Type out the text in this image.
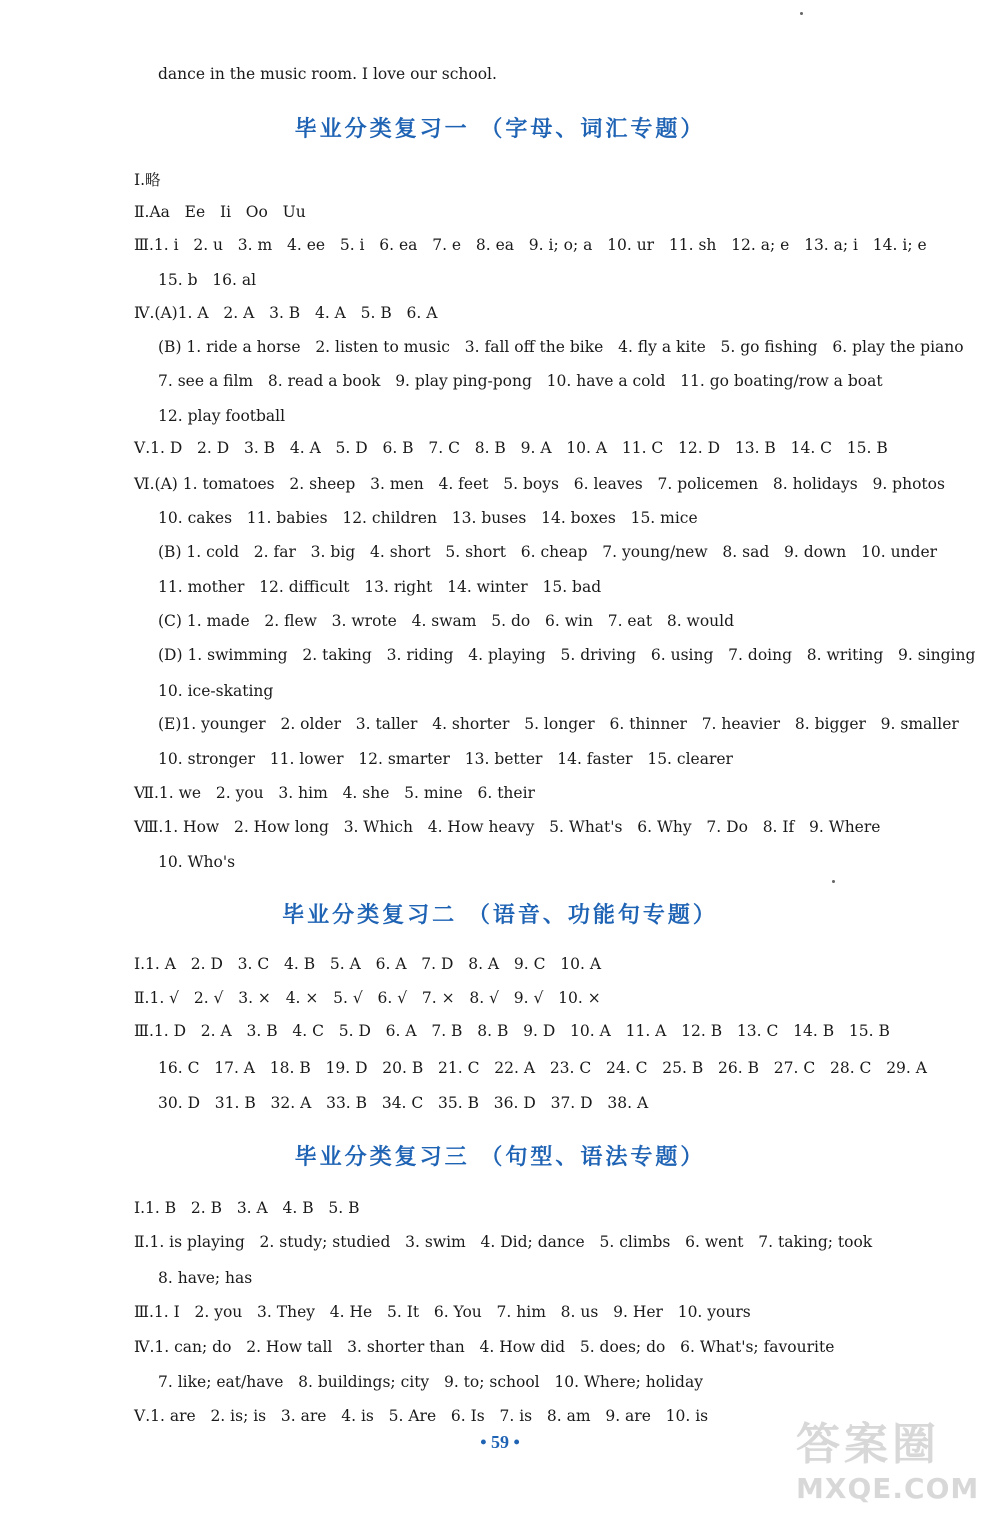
dance in the music room. I love our school.
毕业分类复习一 （字母、词汇专题）
Ⅰ.略
Ⅱ.Aa   Ee   Ii   Oo   Uu
Ⅲ.1. i   2. u   3. m   4. ee   5. i   6. ea   7. e   8. ea   9. i; o; a   10. ur   11. sh   12. a; e   13. a; i   14. i; e
15. b   16. al
Ⅳ.(A)1. A   2. A   3. B   4. A   5. B   6. A
(B) 1. ride a horse   2. listen to music   3. fall off the bike   4. fly a kite   5. go fishing   6. play the piano
7. see a film   8. read a book   9. play ping-pong   10. have a cold   11. go boating/row a boat
12. play football
Ⅴ.1. D   2. D   3. B   4. A   5. D   6. B   7. C   8. B   9. A   10. A   11. C   12. D   13. B   14. C   15. B
Ⅵ.(A) 1. tomatoes   2. sheep   3. men   4. feet   5. boys   6. leaves   7. policemen   8. holidays   9. photos
10. cakes   11. babies   12. children   13. buses   14. boxes   15. mice
(B) 1. cold   2. far   3. big   4. short   5. short   6. cheap   7. young/new   8. sad   9. down   10. under
11. mother   12. difficult   13. right   14. winter   15. bad
(C) 1. made   2. flew   3. wrote   4. swam   5. do   6. win   7. eat   8. would
(D) 1. swimming   2. taking   3. riding   4. playing   5. driving   6. using   7. doing   8. writing   9. singing
10. ice-skating
(E)1. younger   2. older   3. taller   4. shorter   5. longer   6. thinner   7. heavier   8. bigger   9. smaller
10. stronger   11. lower   12. smarter   13. better   14. faster   15. clearer
Ⅶ.1. we   2. you   3. him   4. she   5. mine   6. their
Ⅷ.1. How   2. How long   3. Which   4. How heavy   5. What's   6. Why   7. Do   8. If   9. Where
10. Who's
毕业分类复习二 （语音、功能句专题）
Ⅰ.1. A   2. D   3. C   4. B   5. A   6. A   7. D   8. A   9. C   10. A
Ⅱ.1. √   2. √   3. ×   4. ×   5. √   6. √   7. ×   8. √   9. √   10. ×
Ⅲ.1. D   2. A   3. B   4. C   5. D   6. A   7. B   8. B   9. D   10. A   11. A   12. B   13. C   14. B   15. B
16. C   17. A   18. B   19. D   20. B   21. C   22. A   23. C   24. C   25. B   26. B   27. C   28. C   29. A
30. D   31. B   32. A   33. B   34. C   35. B   36. D   37. D   38. A
毕业分类复习三 （句型、语法专题）
Ⅰ.1. B   2. B   3. A   4. B   5. B
Ⅱ.1. is playing   2. study; studied   3. swim   4. Did; dance   5. climbs   6. went   7. taking; took
8. have; has
Ⅲ.1. I   2. you   3. They   4. He   5. It   6. You   7. him   8. us   9. Her   10. yours
Ⅳ.1. can; do   2. How tall   3. shorter than   4. How did   5. does; do   6. What's; favourite
7. like; eat/have   8. buildings; city   9. to; school   10. Where; holiday
Ⅴ.1. are   2. is; is   3. are   4. is   5. Are   6. Is   7. is   8. am   9. are   10. is
• 59 •	答案圈
MXQE.COM
